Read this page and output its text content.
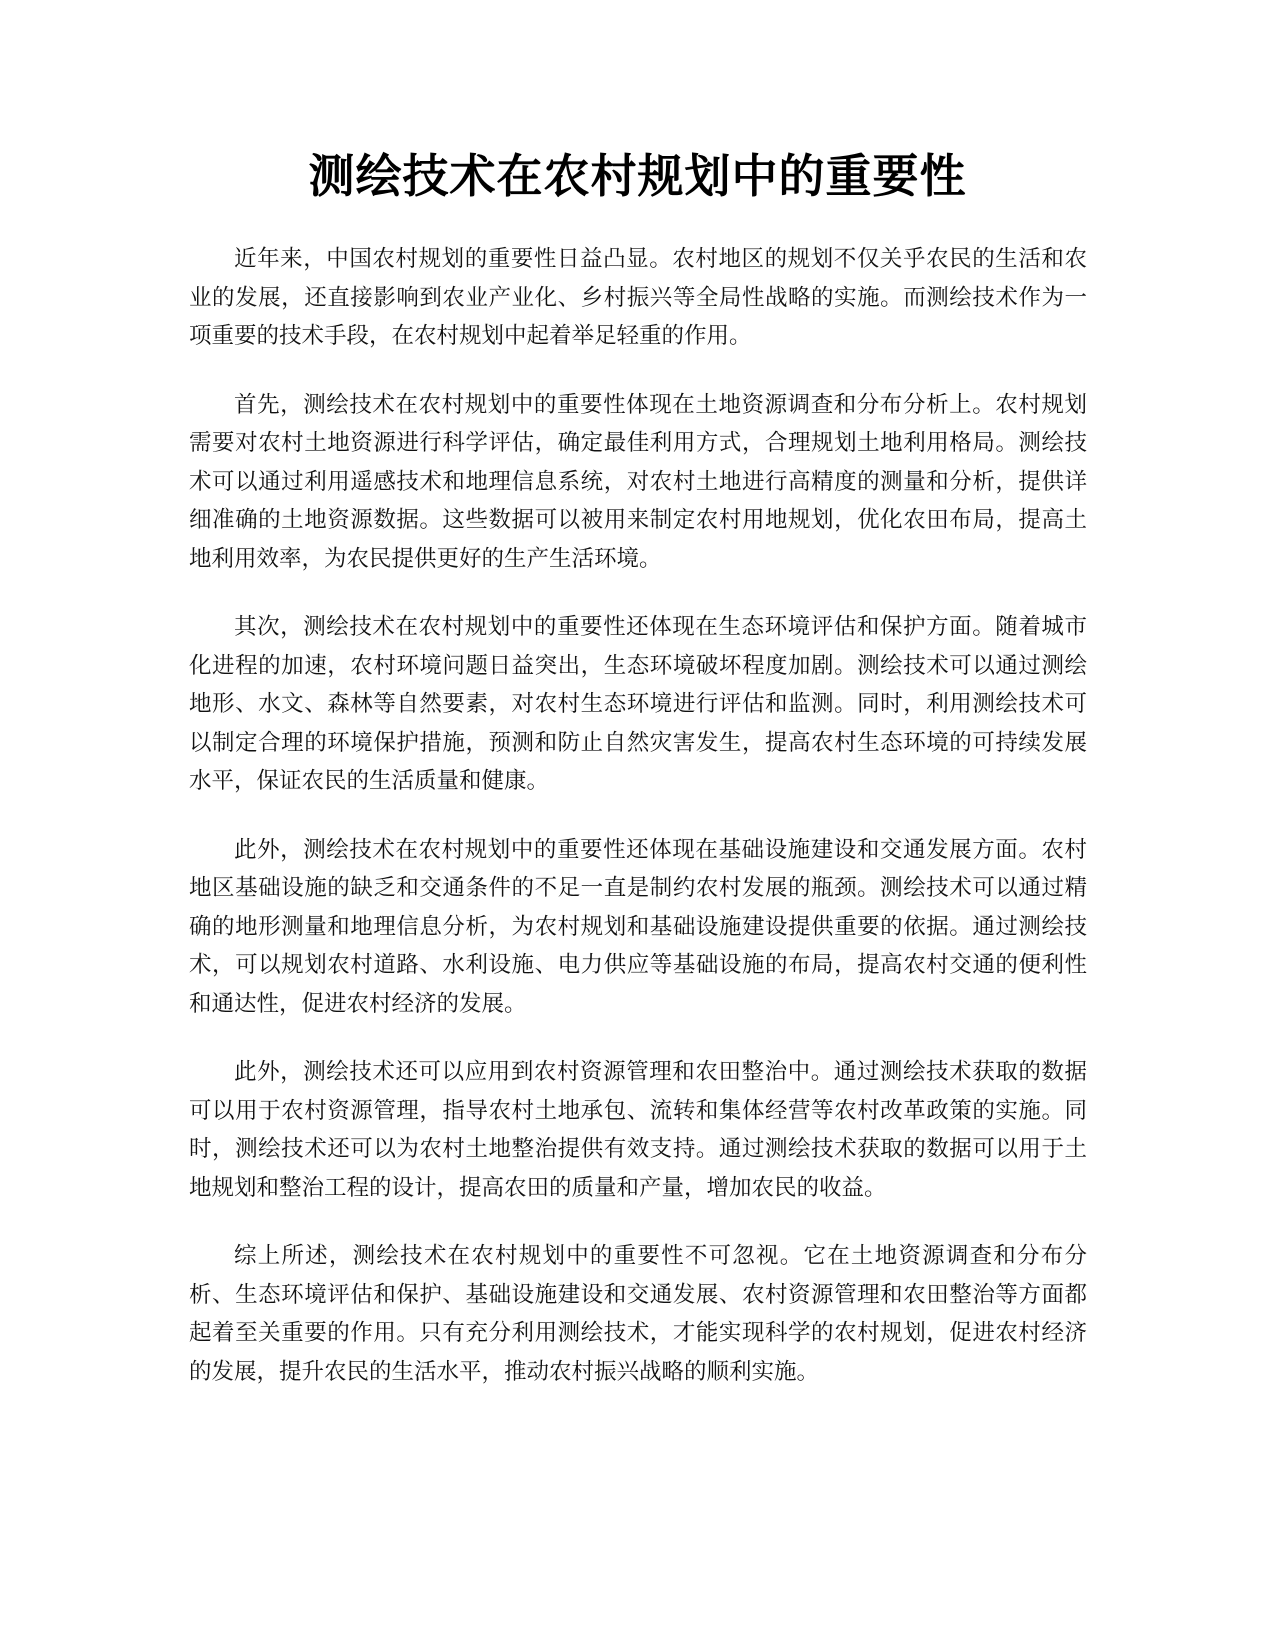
测绘技术在农村规划中的重要性

近年来，中国农村规划的重要性日益凸显。农村地区的规划不仅关乎农民的生活和农业的发展，还直接影响到农业产业化、乡村振兴等全局性战略的实施。而测绘技术作为一项重要的技术手段，在农村规划中起着举足轻重的作用。

首先，测绘技术在农村规划中的重要性体现在土地资源调查和分布分析上。农村规划需要对农村土地资源进行科学评估，确定最佳利用方式，合理规划土地利用格局。测绘技术可以通过利用遥感技术和地理信息系统，对农村土地进行高精度的测量和分析，提供详细准确的土地资源数据。这些数据可以被用来制定农村用地规划，优化农田布局，提高土地利用效率，为农民提供更好的生产生活环境。

其次，测绘技术在农村规划中的重要性还体现在生态环境评估和保护方面。随着城市化进程的加速，农村环境问题日益突出，生态环境破坏程度加剧。测绘技术可以通过测绘地形、水文、森林等自然要素，对农村生态环境进行评估和监测。同时，利用测绘技术可以制定合理的环境保护措施，预测和防止自然灾害发生，提高农村生态环境的可持续发展水平，保证农民的生活质量和健康。

此外，测绘技术在农村规划中的重要性还体现在基础设施建设和交通发展方面。农村地区基础设施的缺乏和交通条件的不足一直是制约农村发展的瓶颈。测绘技术可以通过精确的地形测量和地理信息分析，为农村规划和基础设施建设提供重要的依据。通过测绘技术，可以规划农村道路、水利设施、电力供应等基础设施的布局，提高农村交通的便利性和通达性，促进农村经济的发展。

此外，测绘技术还可以应用到农村资源管理和农田整治中。通过测绘技术获取的数据可以用于农村资源管理，指导农村土地承包、流转和集体经营等农村改革政策的实施。同时，测绘技术还可以为农村土地整治提供有效支持。通过测绘技术获取的数据可以用于土地规划和整治工程的设计，提高农田的质量和产量，增加农民的收益。

综上所述，测绘技术在农村规划中的重要性不可忽视。它在土地资源调查和分布分析、生态环境评估和保护、基础设施建设和交通发展、农村资源管理和农田整治等方面都起着至关重要的作用。只有充分利用测绘技术，才能实现科学的农村规划，促进农村经济的发展，提升农民的生活水平，推动农村振兴战略的顺利实施。
